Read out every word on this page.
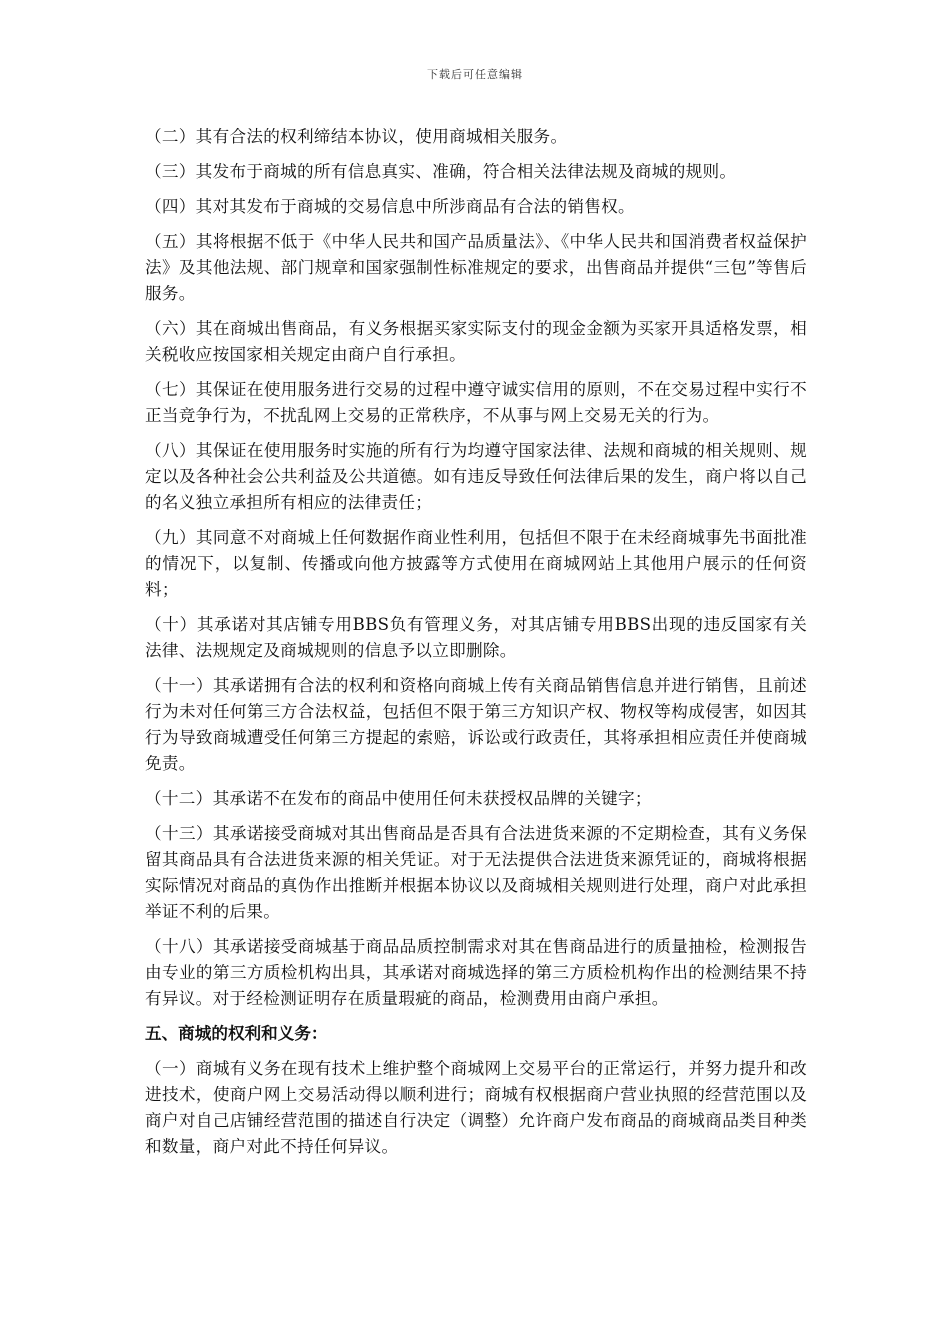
下载后可任意编辑

（二）其有合法的权利缔结本协议，使用商城相关服务。

（三）其发布于商城的所有信息真实、准确，符合相关法律法规及商城的规则。

（四）其对其发布于商城的交易信息中所涉商品有合法的销售权。

（五）其将根据不低于《中华人民共和国产品质量法》、《中华人民共和国消费者权益保护法》及其他法规、部门规章和国家强制性标准规定的要求，出售商品并提供“三包”等售后服务。

（六）其在商城出售商品，有义务根据买家实际支付的现金金额为买家开具适格发票，相关税收应按国家相关规定由商户自行承担。

（七）其保证在使用服务进行交易的过程中遵守诚实信用的原则，不在交易过程中实行不正当竞争行为，不扰乱网上交易的正常秩序，不从事与网上交易无关的行为。

（八）其保证在使用服务时实施的所有行为均遵守国家法律、法规和商城的相关规则、规定以及各种社会公共利益及公共道德。如有违反导致任何法律后果的发生，商户将以自己的名义独立承担所有相应的法律责任；

（九）其同意不对商城上任何数据作商业性利用，包括但不限于在未经商城事先书面批准的情况下，以复制、传播或向他方披露等方式使用在商城网站上其他用户展示的任何资料；

（十）其承诺对其店铺专用BBS负有管理义务，对其店铺专用BBS出现的违反国家有关法律、法规规定及商城规则的信息予以立即删除。

（十一）其承诺拥有合法的权利和资格向商城上传有关商品销售信息并进行销售，且前述行为未对任何第三方合法权益，包括但不限于第三方知识产权、物权等构成侵害，如因其行为导致商城遭受任何第三方提起的索赔，诉讼或行政责任，其将承担相应责任并使商城免责。

（十二）其承诺不在发布的商品中使用任何未获授权品牌的关键字；

（十三）其承诺接受商城对其出售商品是否具有合法进货来源的不定期检查，其有义务保留其商品具有合法进货来源的相关凭证。对于无法提供合法进货来源凭证的，商城将根据实际情况对商品的真伪作出推断并根据本协议以及商城相关规则进行处理，商户对此承担举证不利的后果。

（十八）其承诺接受商城基于商品品质控制需求对其在售商品进行的质量抽检，检测报告由专业的第三方质检机构出具，其承诺对商城选择的第三方质检机构作出的检测结果不持有异议。对于经检测证明存在质量瑕疵的商品，检测费用由商户承担。

五、商城的权利和义务：

（一）商城有义务在现有技术上维护整个商城网上交易平台的正常运行，并努力提升和改进技术，使商户网上交易活动得以顺利进行；商城有权根据商户营业执照的经营范围以及商户对自己店铺经营范围的描述自行决定（调整）允许商户发布商品的商城商品类目种类和数量，商户对此不持任何异议。
